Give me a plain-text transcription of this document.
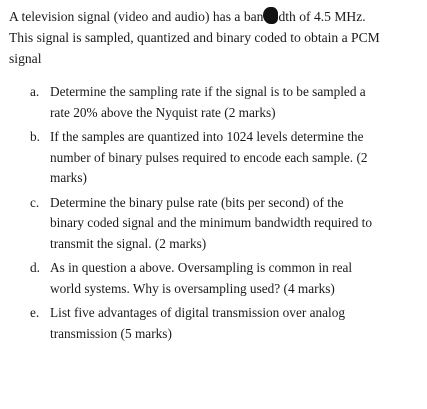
A television signal (video and audio) has a ban dth of 4.5 MHz.
This signal is sampled, quantized and binary coded to obtain a PCM
signal
a. Determine the sampling rate if the signal is to be sampled a
rate 20% above the Nyquist rate (2 marks)
b. If the samples are quantized into 1024 levels determine the
number of binary pulses required to encode each sample. (2
marks)
c. Determine the binary pulse rate (bits per second) of the
binary coded signal and the minimum bandwidth required to
transmit the signal. (2 marks)
d. As in question a above. Oversampling is common in real
world systems. Why is oversampling used? (4 marks)
e. List five advantages of digital transmission over analog
transmission (5 marks)
